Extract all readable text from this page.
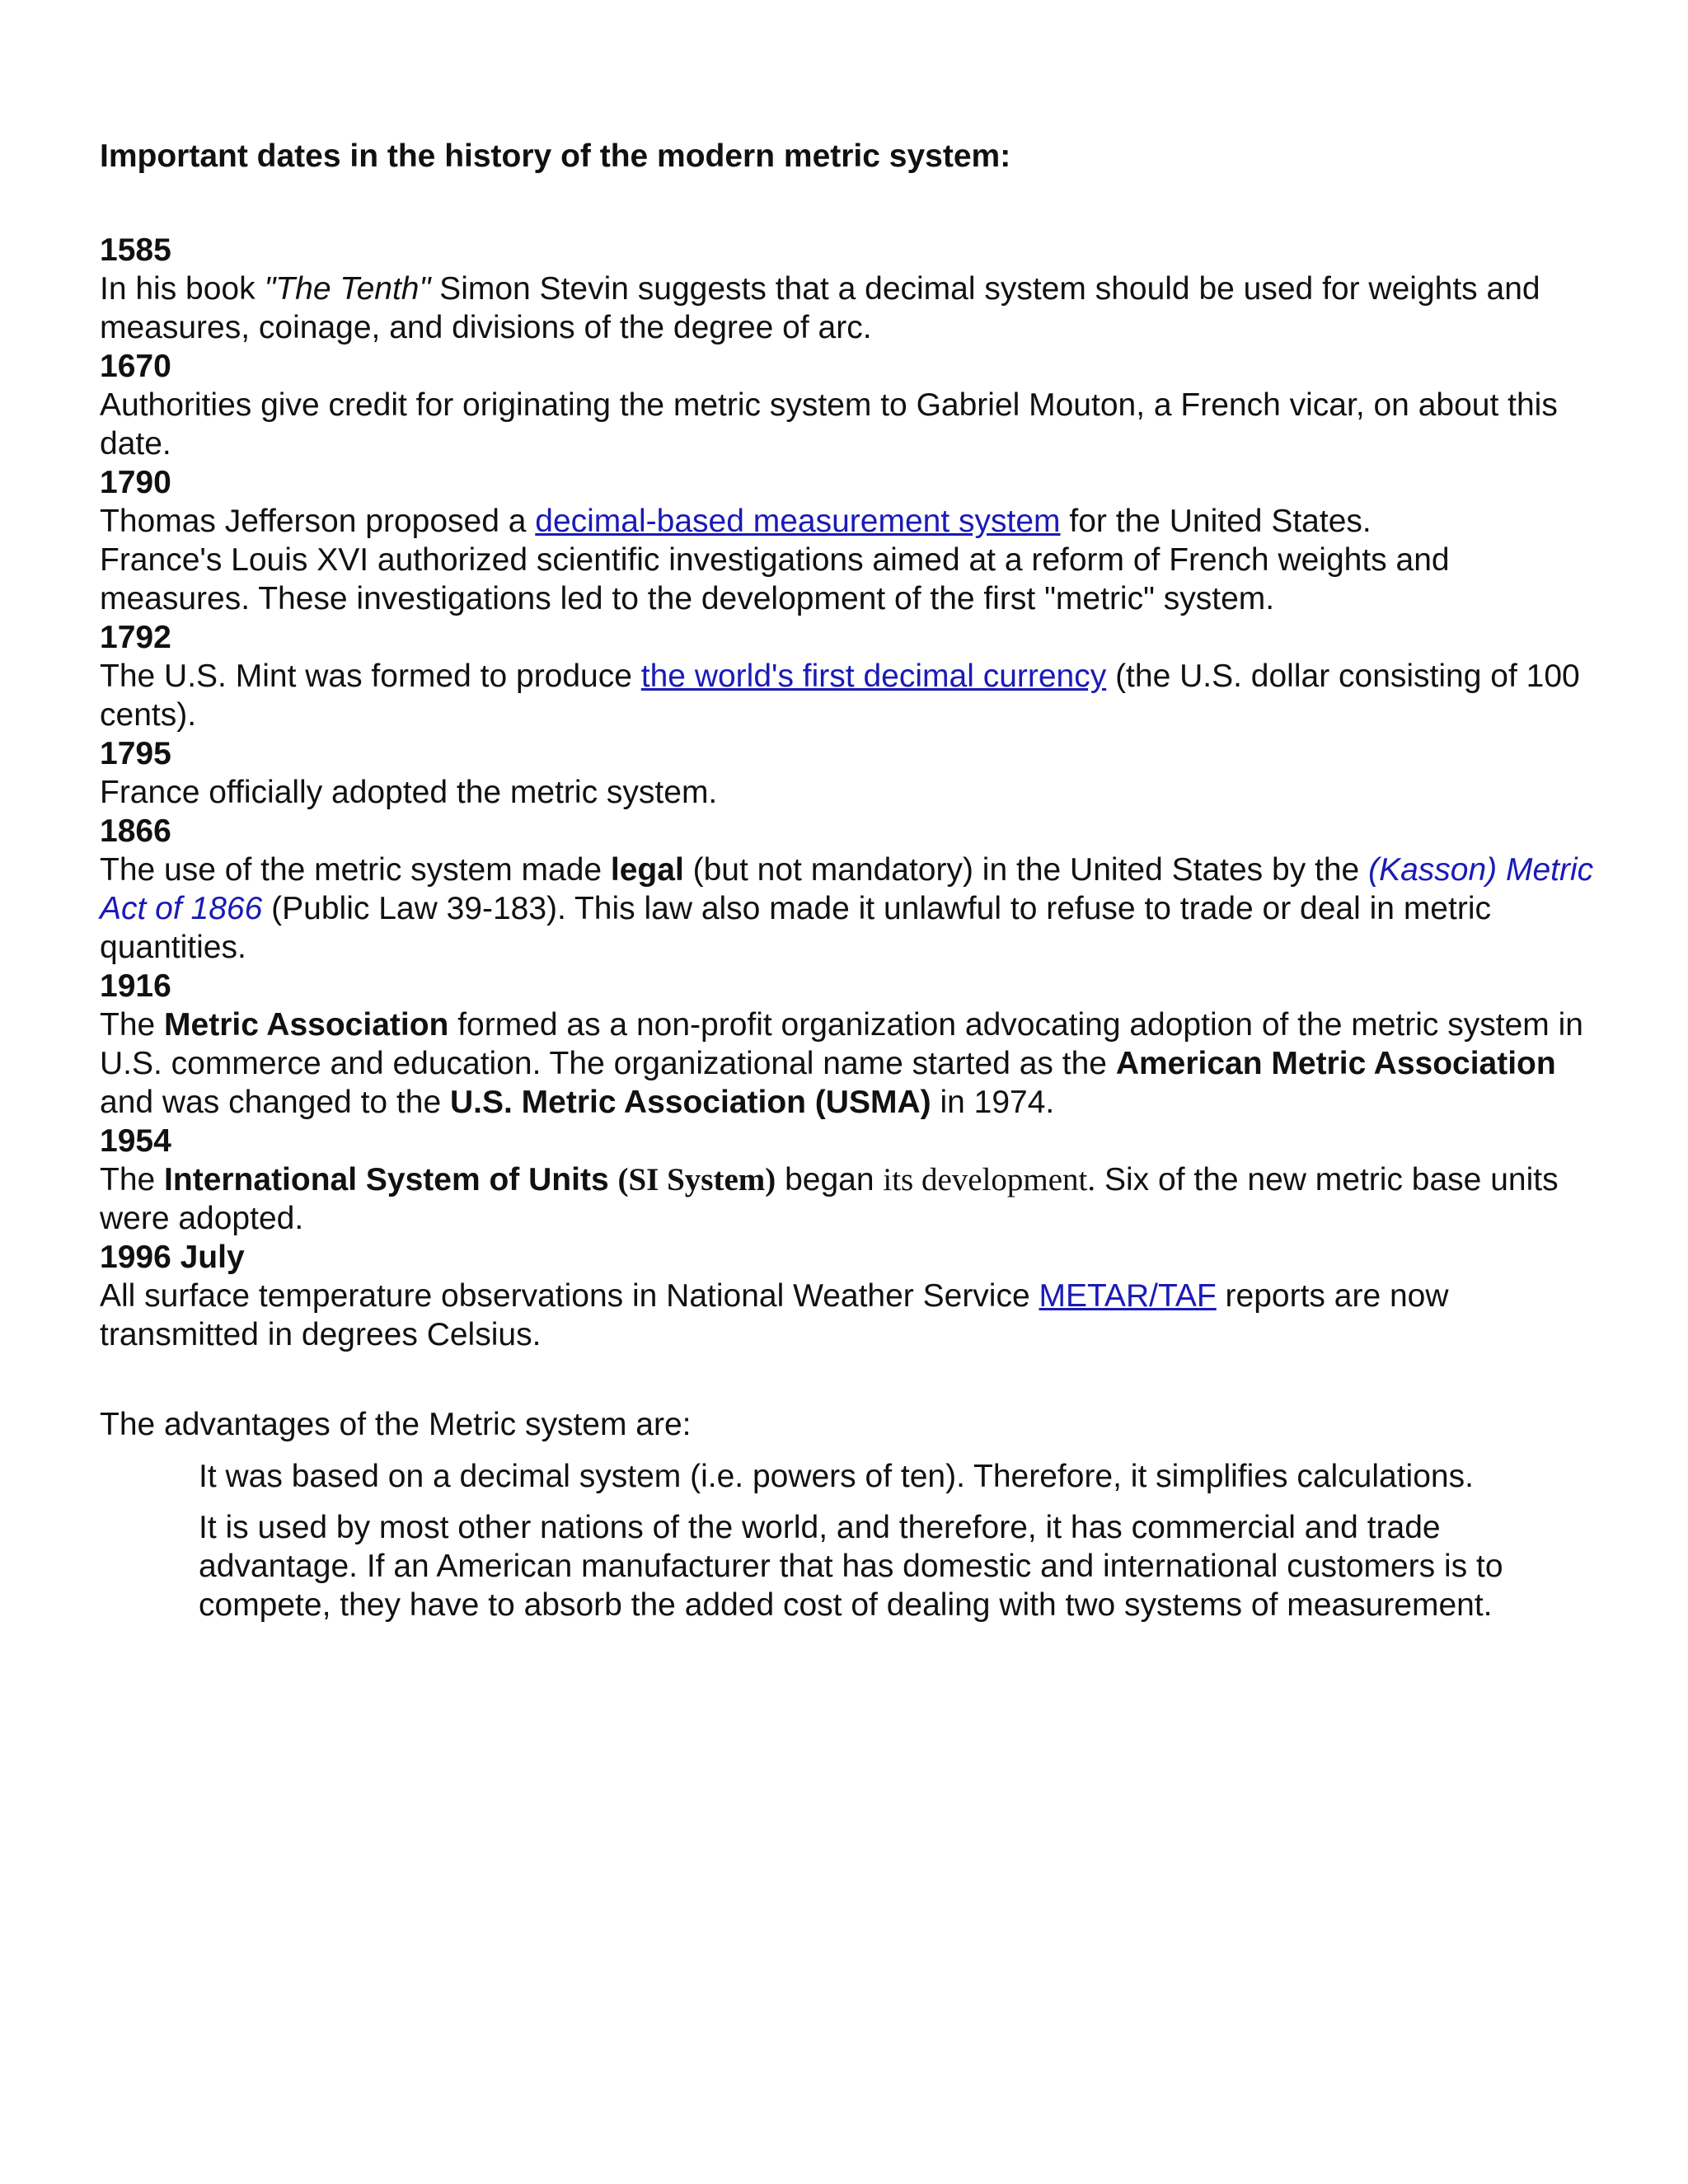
Important dates in the history of the modern metric system:

1585
In his book "The Tenth" Simon Stevin suggests that a decimal system should be used for weights and measures, coinage, and divisions of the degree of arc.
1670
Authorities give credit for originating the metric system to Gabriel Mouton, a French vicar, on about this date.
1790
Thomas Jefferson proposed a decimal-based measurement system for the United States.
France's Louis XVI authorized scientific investigations aimed at a reform of French weights and measures. These investigations led to the development of the first "metric" system.
1792
The U.S. Mint was formed to produce the world's first decimal currency (the U.S. dollar consisting of 100 cents).
1795
France officially adopted the metric system.
1866
The use of the metric system made legal (but not mandatory) in the United States by the (Kasson) Metric Act of 1866 (Public Law 39-183). This law also made it unlawful to refuse to trade or deal in metric quantities.
1916
The Metric Association formed as a non-profit organization advocating adoption of the metric system in U.S. commerce and education. The organizational name started as the American Metric Association and was changed to the U.S. Metric Association (USMA) in 1974.
1954
The International System of Units (SI System) began its development. Six of the new metric base units were adopted.
1996 July
All surface temperature observations in National Weather Service METAR/TAF reports are now transmitted in degrees Celsius.
The advantages of the Metric system are:
It was based on a decimal system (i.e. powers of ten). Therefore, it simplifies calculations.
It is used by most other nations of the world, and therefore, it has commercial and trade advantage. If an American manufacturer that has domestic and international customers is to compete, they have to absorb the added cost of dealing with two systems of measurement.
